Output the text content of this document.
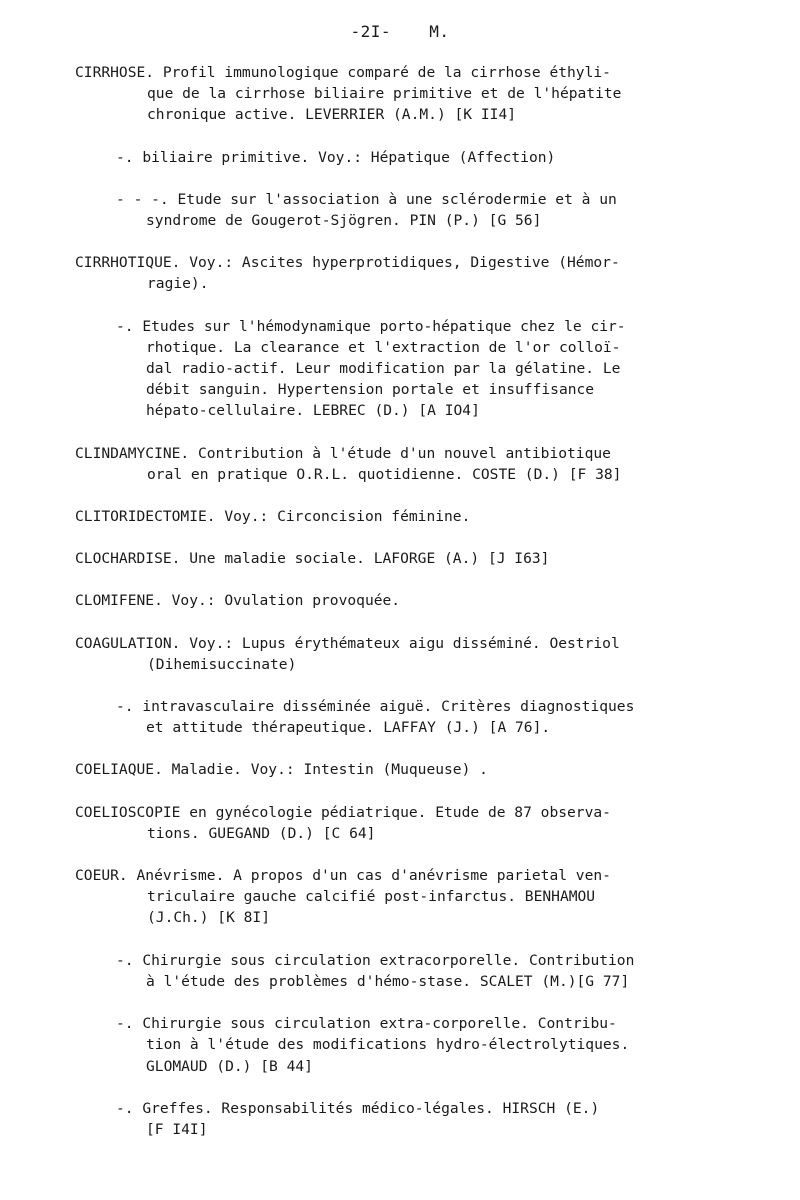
-2I- M.
CIRRHOSE. Profil immunologique comparé de la cirrhose éthyli-
que de la cirrhose biliaire primitive et de l'hépatite
chronique active. LEVERRIER (A.M.) [K II4]
-. biliaire primitive. Voy.: Hépatique (Affection)
- - -. Etude sur l'association à une sclérodermie et à un
syndrome de Gougerot-Sjögren. PIN (P.) [G 56]
CIRRHOTIQUE. Voy.: Ascites hyperprotidiques, Digestive (Hémor-
ragie).
-. Etudes sur l'hémodynamique porto-hépatique chez le cir-
rhotique. La clearance et l'extraction de l'or colloï-
dal radio-actif. Leur modification par la gélatine. Le
débit sanguin. Hypertension portale et insuffisance
hépato-cellulaire. LEBREC (D.) [A IO4]
CLINDAMYCINE. Contribution à l'étude d'un nouvel antibiotique
oral en pratique O.R.L. quotidienne. COSTE (D.) [F 38]
CLITORIDECTOMIE. Voy.: Circoncision féminine.
CLOCHARDISE. Une maladie sociale. LAFORGE (A.) [J I63]
CLOMIFENE. Voy.: Ovulation provoquée.
COAGULATION. Voy.: Lupus érythémateux aigu disséminé. Oestriol
(Dihemisuccinate)
-. intravasculaire disséminée aiguë. Critères diagnostiques
et attitude thérapeutique. LAFFAY (J.) [A 76].
COELIAQUE. Maladie. Voy.: Intestin (Muqueuse) .
COELIOSCOPIE en gynécologie pédiatrique. Etude de 87 observa-
tions. GUEGAND (D.) [C 64]
COEUR. Anévrisme. A propos d'un cas d'anévrisme parietal ven-
triculaire gauche calcifié post-infarctus. BENHAMOU
(J.Ch.) [K 8I]
-. Chirurgie sous circulation extracorporelle. Contribution
à l'étude des problèmes d'hémo-stase. SCALET (M.)[G 77]
-. Chirurgie sous circulation extra-corporelle. Contribu-
tion à l'étude des modifications hydro-électrolytiques.
GLOMAUD (D.) [B 44]
-. Greffes. Responsabilités médico-légales. HIRSCH (E.)
[F I4I]
